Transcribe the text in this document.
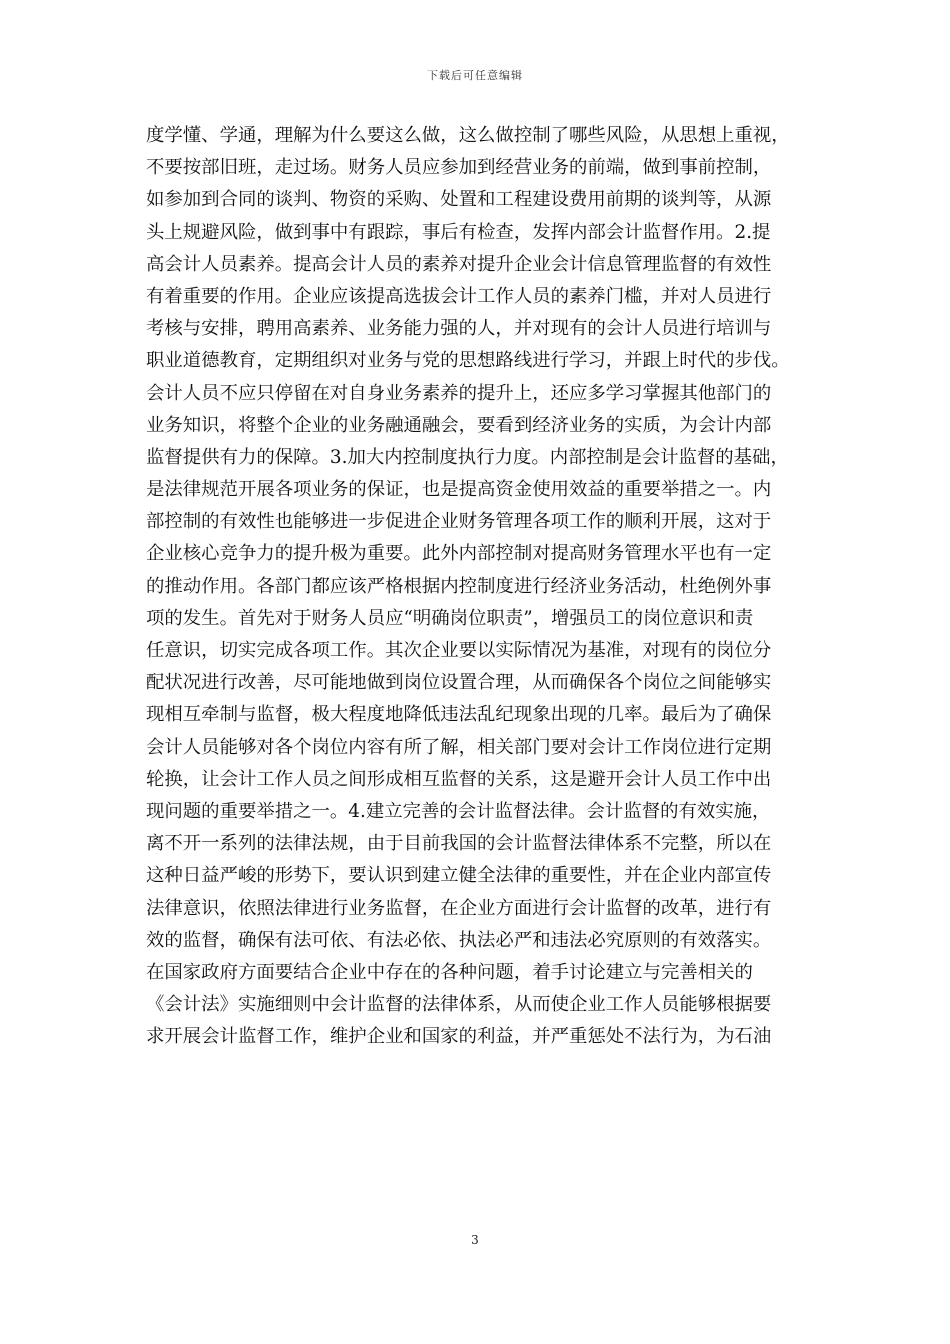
下载后可任意编辑
度学懂、学通，理解为什么要这么做，这么做控制了哪些风险，从思想上重视，
不要按部旧班，走过场。财务人员应参加到经营业务的前端，做到事前控制，
如参加到合同的谈判、物资的采购、处置和工程建设费用前期的谈判等，从源
头上规避风险，做到事中有跟踪，事后有检查，发挥内部会计监督作用。2.提
高会计人员素养。提高会计人员的素养对提升企业会计信息管理监督的有效性
有着重要的作用。企业应该提高选拔会计工作人员的素养门槛，并对人员进行
考核与安排，聘用高素养、业务能力强的人，并对现有的会计人员进行培训与
职业道德教育，定期组织对业务与党的思想路线进行学习，并跟上时代的步伐。
会计人员不应只停留在对自身业务素养的提升上，还应多学习掌握其他部门的
业务知识，将整个企业的业务融通融会，要看到经济业务的实质，为会计内部
监督提供有力的保障。3.加大内控制度执行力度。内部控制是会计监督的基础，
是法律规范开展各项业务的保证，也是提高资金使用效益的重要举措之一。内
部控制的有效性也能够进一步促进企业财务管理各项工作的顺利开展，这对于
企业核心竞争力的提升极为重要。此外内部控制对提高财务管理水平也有一定
的推动作用。各部门都应该严格根据内控制度进行经济业务活动，杜绝例外事
项的发生。首先对于财务人员应“明确岗位职责”，增强员工的岗位意识和责
任意识，切实完成各项工作。其次企业要以实际情况为基准，对现有的岗位分
配状况进行改善，尽可能地做到岗位设置合理，从而确保各个岗位之间能够实
现相互牵制与监督，极大程度地降低违法乱纪现象出现的几率。最后为了确保
会计人员能够对各个岗位内容有所了解，相关部门要对会计工作岗位进行定期
轮换，让会计工作人员之间形成相互监督的关系，这是避开会计人员工作中出
现问题的重要举措之一。4.建立完善的会计监督法律。会计监督的有效实施，
离不开一系列的法律法规，由于目前我国的会计监督法律体系不完整，所以在
这种日益严峻的形势下，要认识到建立健全法律的重要性，并在企业内部宣传
法律意识，依照法律进行业务监督，在企业方面进行会计监督的改革，进行有
效的监督，确保有法可依、有法必依、执法必严和违法必究原则的有效落实。
在国家政府方面要结合企业中存在的各种问题，着手讨论建立与完善相关的
《会计法》实施细则中会计监督的法律体系，从而使企业工作人员能够根据要
求开展会计监督工作，维护企业和国家的利益，并严重惩处不法行为，为石油
3
